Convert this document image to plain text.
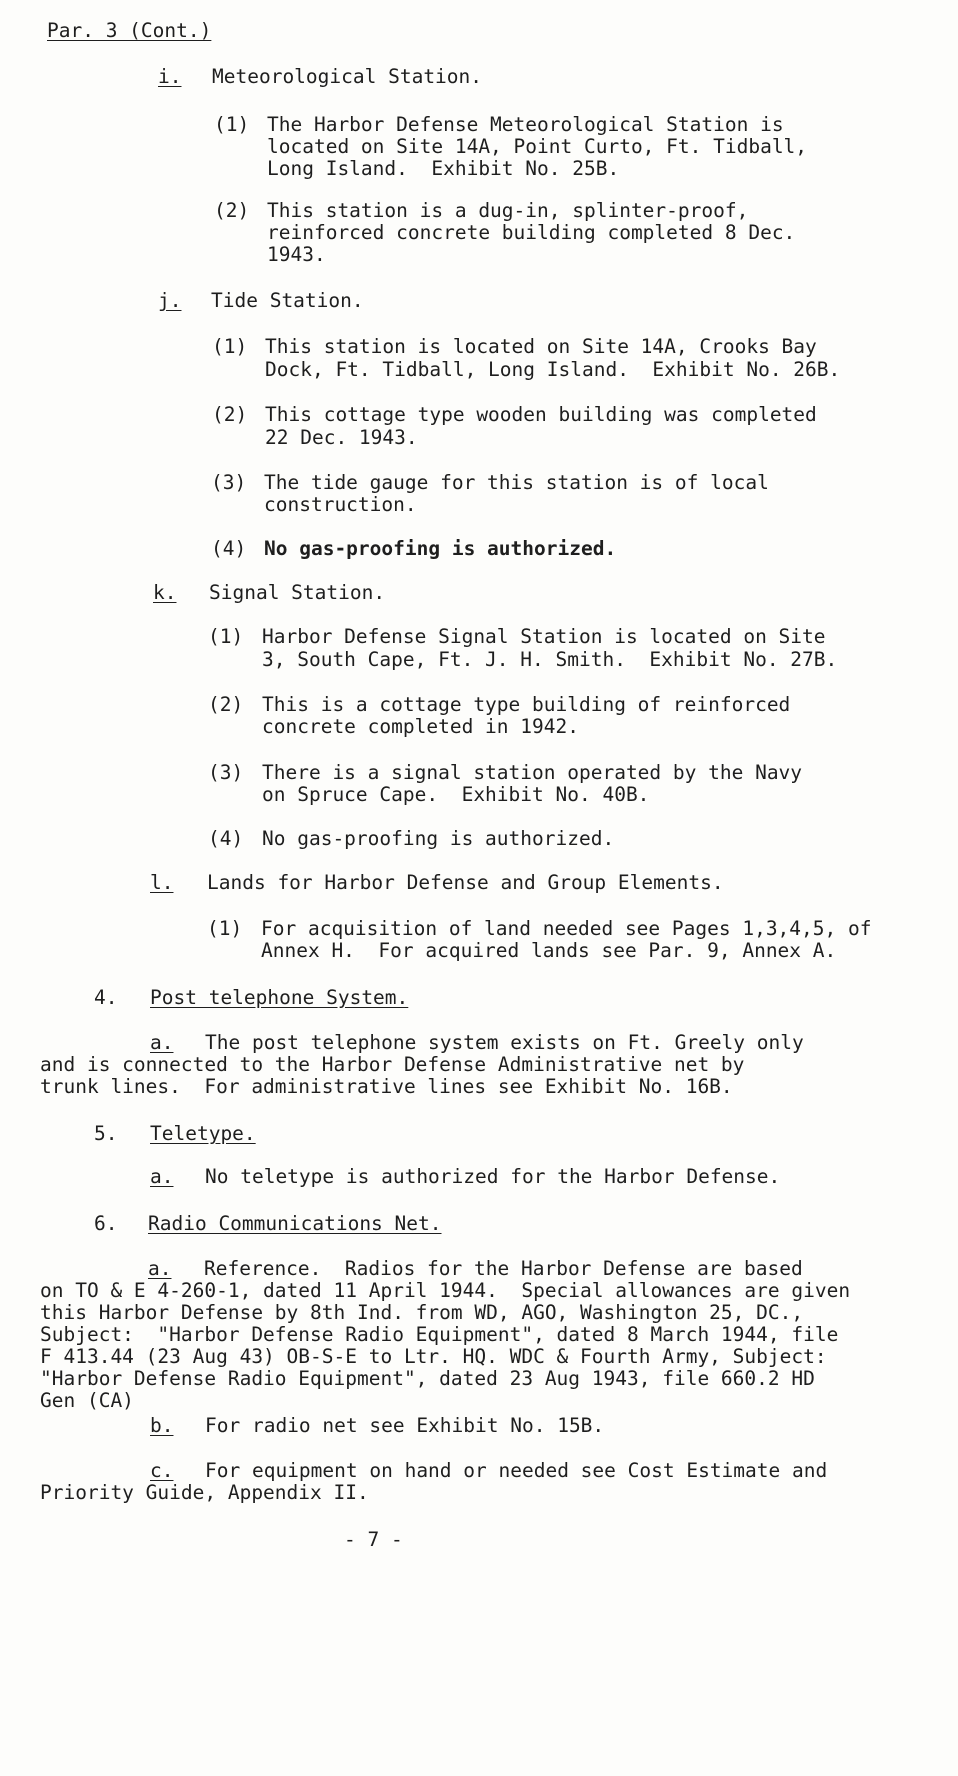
Par. 3 (Cont.)
i. Meteorological Station.
(1) The Harbor Defense Meteorological Station is
located on Site 14A, Point Curto, Ft. Tidball,
Long Island.  Exhibit No. 25B.
(2) This station is a dug-in, splinter-proof,
reinforced concrete building completed 8 Dec.
1943.
j. Tide Station.
(1) This station is located on Site 14A, Crooks Bay
Dock, Ft. Tidball, Long Island.  Exhibit No. 26B.
(2) This cottage type wooden building was completed
22 Dec. 1943.
(3) The tide gauge for this station is of local
construction.
(4) No gas-proofing is authorized.
k. Signal Station.
(1) Harbor Defense Signal Station is located on Site
3, South Cape, Ft. J. H. Smith.  Exhibit No. 27B.
(2) This is a cottage type building of reinforced
concrete completed in 1942.
(3) There is a signal station operated by the Navy
on Spruce Cape.  Exhibit No. 40B.
(4) No gas-proofing is authorized.
l. Lands for Harbor Defense and Group Elements.
(1) For acquisition of land needed see Pages 1,3,4,5, of
Annex H.  For acquired lands see Par. 9, Annex A.
4. Post telephone System.
a. The post telephone system exists on Ft. Greely only
and is connected to the Harbor Defense Administrative net by
trunk lines.  For administrative lines see Exhibit No. 16B.
5. Teletype.
a. No teletype is authorized for the Harbor Defense.
6. Radio Communications Net.
a. Reference.  Radios for the Harbor Defense are based
on TO & E 4-260-1, dated 11 April 1944.  Special allowances are given
this Harbor Defense by 8th Ind. from WD, AGO, Washington 25, DC.,
Subject:  "Harbor Defense Radio Equipment", dated 8 March 1944, file
F 413.44 (23 Aug 43) OB-S-E to Ltr. HQ. WDC & Fourth Army, Subject:
"Harbor Defense Radio Equipment", dated 23 Aug 1943, file 660.2 HD
Gen (CA)
b. For radio net see Exhibit No. 15B.
c. For equipment on hand or needed see Cost Estimate and
Priority Guide, Appendix II.
- 7 -
